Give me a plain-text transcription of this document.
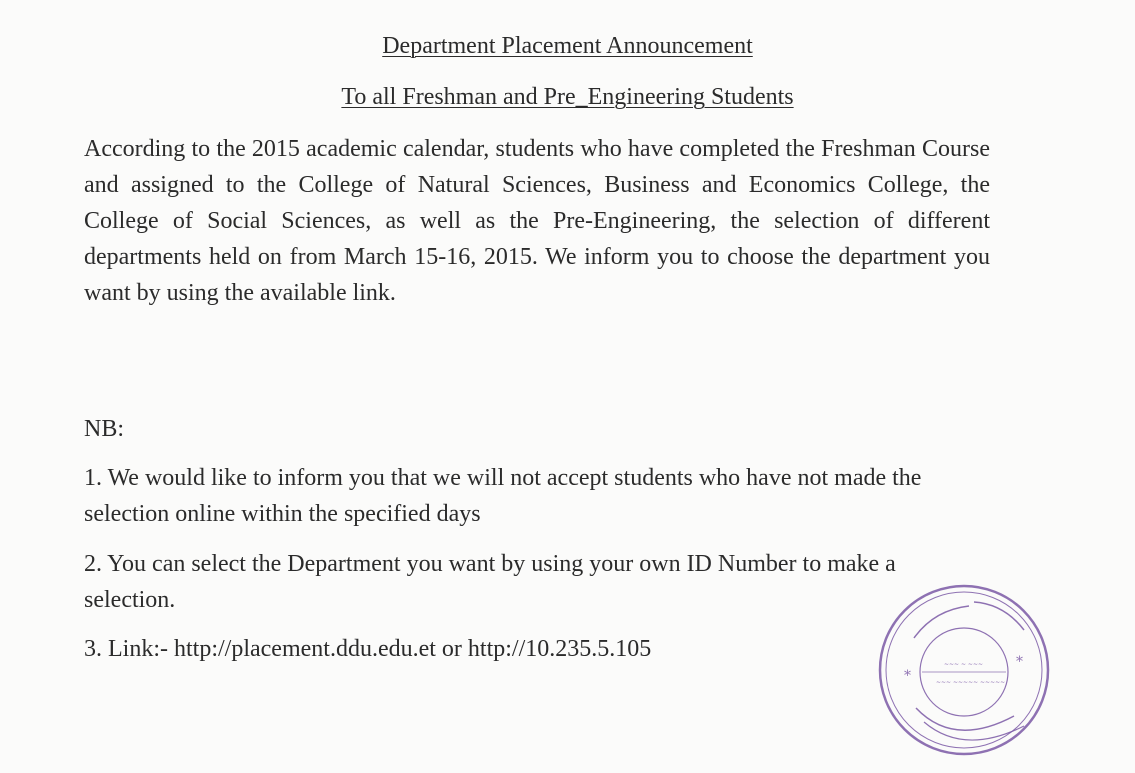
Department Placement Announcement
To all Freshman and Pre_Engineering Students
According to the 2015 academic calendar, students who have completed the Freshman Course and assigned to the College of Natural Sciences, Business and Economics College, the College of Social Sciences, as well as the Pre-Engineering, the selection of different departments held on from March 15-16, 2015. We inform you to choose the department you want by using the available link.
NB:
1. We would like to inform you that we will not accept students who have not made the selection online within the specified days
2. You can select the Department you want by using your own ID Number to make a selection.
3. Link:- http://placement.ddu.edu.et or http://10.235.5.105
*
*
~~~ ~ ~~~
~~~ ~~~~~ ~~~~~
